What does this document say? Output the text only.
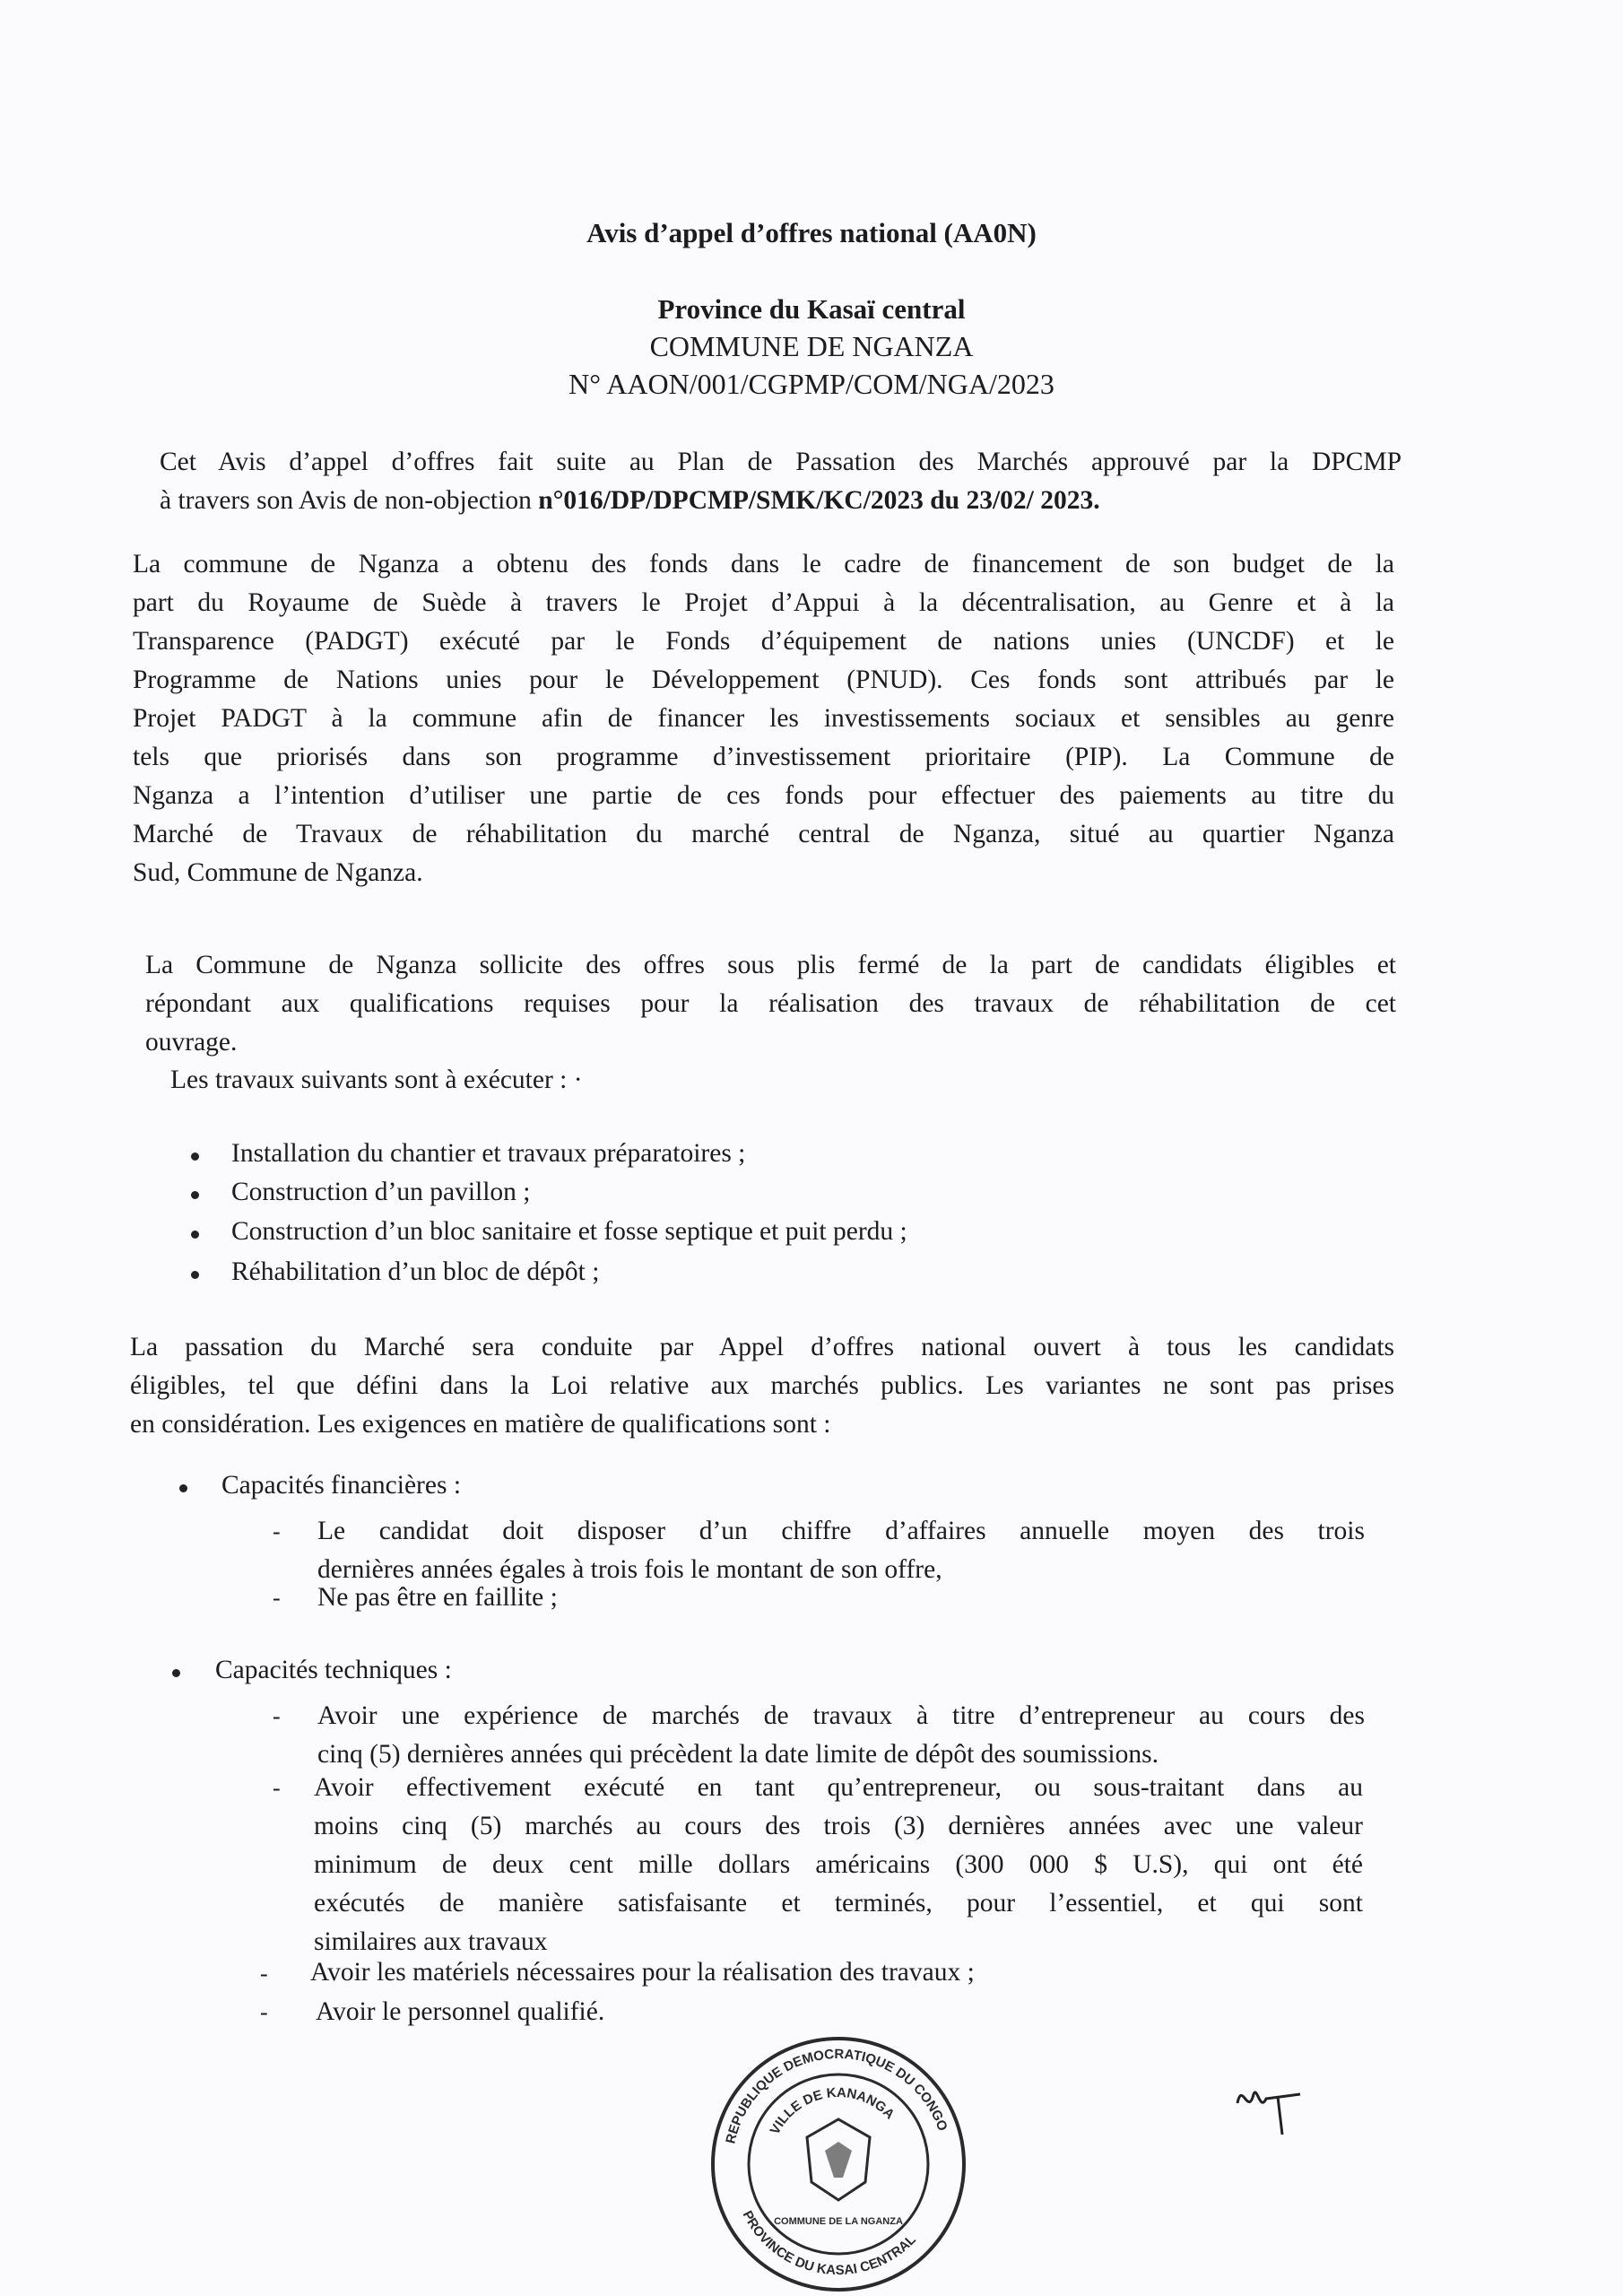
Avis d’appel d’offres national (AA0N)
Province du Kasaï central
COMMUNE DE NGANZA
N° AAON/001/CGPMP/COM/NGA/2023
Cet Avis d’appel d’offres fait suite au Plan de Passation des Marchés approuvé par la DPCMP
à travers son Avis de non-objection n°016/DP/DPCMP/SMK/KC/2023 du 23/02/ 2023.
La commune de Nganza a obtenu des fonds dans le cadre de financement de son budget de la
part du Royaume de Suède à travers le Projet d’Appui à la décentralisation, au Genre et à la
Transparence (PADGT) exécuté par le Fonds d’équipement de nations unies (UNCDF) et le
Programme de Nations unies pour le Développement (PNUD). Ces fonds sont attribués par le
Projet PADGT à la commune afin de financer les investissements sociaux et sensibles au genre
tels que priorisés dans son programme d’investissement prioritaire (PIP). La Commune de
Nganza a l’intention d’utiliser une partie de ces fonds pour effectuer des paiements au titre du
Marché de Travaux de réhabilitation du marché central de Nganza, situé au quartier Nganza
Sud, Commune de Nganza.
La Commune de Nganza sollicite des offres sous plis fermé de la part de candidats éligibles et
répondant aux qualifications requises pour la réalisation des travaux de réhabilitation de cet
ouvrage.
Les travaux suivants sont à exécuter : ·
Installation du chantier et travaux préparatoires ;
Construction d’un pavillon ;
Construction d’un bloc sanitaire et fosse septique et puit perdu ;
Réhabilitation d’un bloc de dépôt ;
La passation du Marché sera conduite par Appel d’offres national ouvert à tous les candidats
éligibles, tel que défini dans la Loi relative aux marchés publics. Les variantes ne sont pas prises
en considération. Les exigences en matière de qualifications sont :
Capacités financières :
- Le candidat doit disposer d’un chiffre d’affaires annuelle moyen des trois
dernières années égales à trois fois le montant de son offre,
- Ne pas être en faillite ;
Capacités techniques :
- Avoir une expérience de marchés de travaux à titre d’entrepreneur au cours des
cinq (5) dernières années qui précèdent la date limite de dépôt des soumissions.
- Avoir effectivement exécuté en tant qu’entrepreneur, ou sous-traitant dans au
moins cinq (5) marchés au cours des trois (3) dernières années avec une valeur
minimum de deux cent mille dollars américains (300 000 $ U.S), qui ont été
exécutés de manière satisfaisante et terminés, pour l’essentiel, et qui sont
similaires aux travaux
- Avoir les matériels nécessaires pour la réalisation des travaux ;
- Avoir le personnel qualifié.
REPUBLIQUE DEMOCRATIQUE DU CONGO
PROVINCE DU KASAI CENTRAL
VILLE DE KANANGA
COMMUNE DE LA NGANZA
